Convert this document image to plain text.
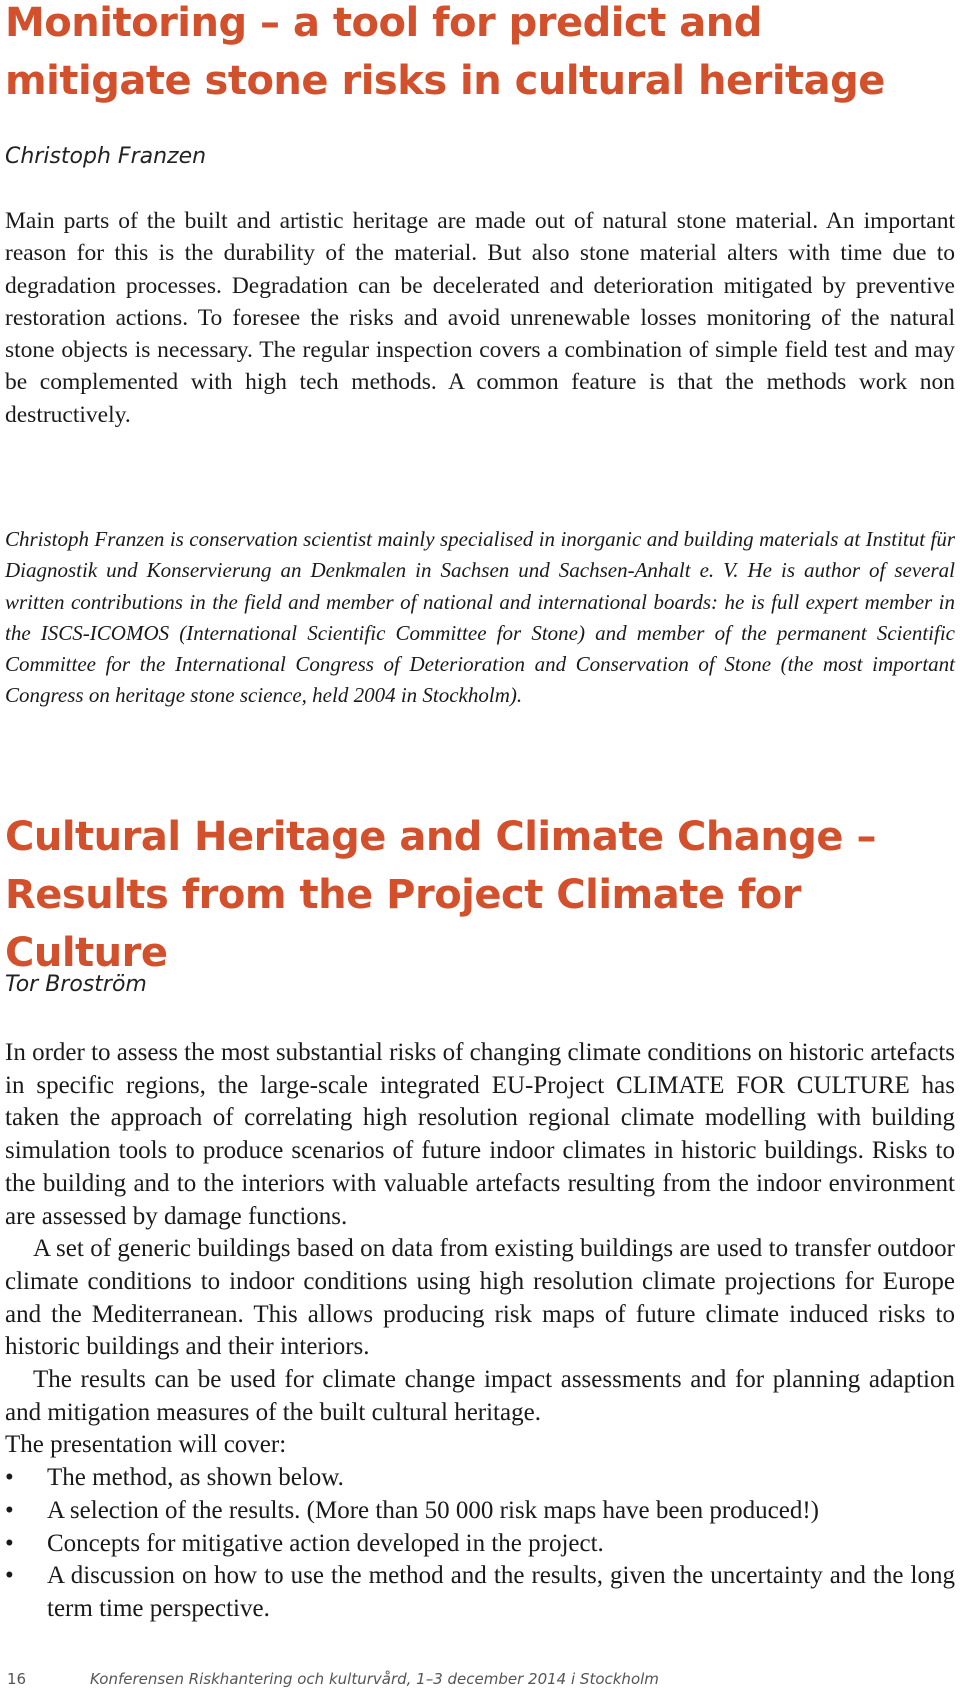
Monitoring – a tool for predict and mitigate stone risks in cultural heritage
Christoph Franzen

Main parts of the built and artistic heritage are made out of natural stone material. An important reason for this is the durability of the material. But also stone material alters with time due to degradation processes. Degradation can be decelerated and deterioration mitigated by preventive restoration actions. To foresee the risks and avoid unrenewable losses monitoring of the natural stone objects is necessary. The regular inspection covers a combination of simple field test and may be complemented with high tech methods. A common feature is that the methods work non destructively.

Christoph Franzen is conservation scientist mainly specialised in inorganic and building materials at Institut für Diagnostik und Konservierung an Denkmalen in Sachsen und Sachsen-Anhalt e. V. He is author of several written contributions in the field and member of national and international boards: he is full expert member in the ISCS-ICOMOS (International Scientific Committee for Stone) and member of the permanent Scientific Committee for the International Congress of Deterioration and Conservation of Stone (the most important Congress on heritage stone science, held 2004 in Stockholm).

Cultural Heritage and Climate Change – Results from the Project Climate for Culture
Tor Broström

In order to assess the most substantial risks of changing climate conditions on historic artefacts in specific regions, the large-scale integrated EU-Project CLIMATE FOR CULTURE has taken the approach of correlating high resolution regional climate modelling with building simulation tools to produce scenarios of future indoor climates in historic buildings. Risks to the building and to the interiors with valuable artefacts resulting from the indoor environment are assessed by damage functions.

A set of generic buildings based on data from existing buildings are used to transfer outdoor climate conditions to indoor conditions using high resolution climate projections for Europe and the Mediterranean. This allows producing risk maps of future climate induced risks to historic buildings and their interiors.

The results can be used for climate change impact assessments and for planning adaption and mitigation measures of the built cultural heritage.

The presentation will cover:

• The method, as shown below.
• A selection of the results. (More than 50 000 risk maps have been produced!)
• Concepts for mitigative action developed in the project.
• A discussion on how to use the method and the results, given the uncertainty and the long term time perspective.
16	Konferensen Riskhantering och kulturvård, 1–3 december 2014 i Stockholm
